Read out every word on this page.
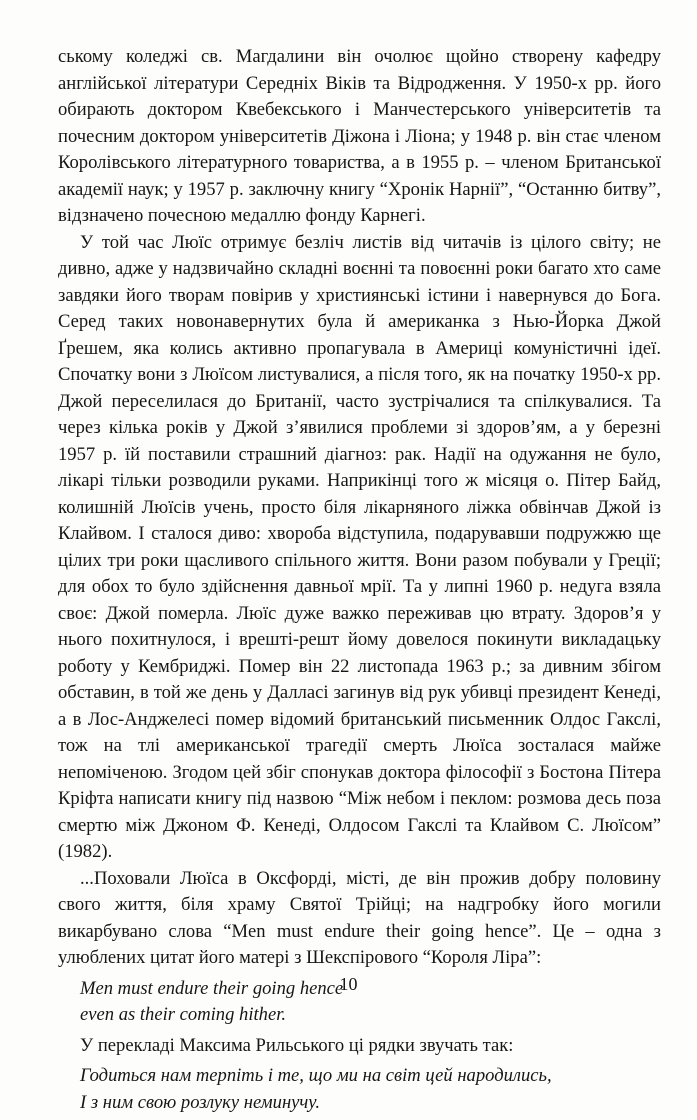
ському коледжі св. Магдалини він очолює щойно створену кафедру англійської літератури Середніх Віків та Відродження. У 1950-х рр. його обирають доктором Квебекського і Манчестерського університетів та почесним доктором університетів Діжона і Ліона; у 1948 р. він стає членом Королівського літературного товариства, а в 1955 р. – членом Британської академії наук; у 1957 р. заключну книгу “Хронік Нарнії”, “Останню битву”, відзначено почесною медаллю фонду Карнегі.

У той час Люїс отримує безліч листів від читачів із цілого світу; не дивно, адже у надзвичайно складні воєнні та повоєнні роки багато хто саме завдяки його творам повірив у християнські істини і навернувся до Бога. Серед таких новонавернутих була й американка з Нью-Йорка Джой Ґрешем, яка колись активно пропагувала в Америці комуністичні ідеї. Спочатку вони з Люїсом листувалися, а після того, як на початку 1950-х рр. Джой переселилася до Британії, часто зустрічалися та спілкувалися. Та через кілька років у Джой з’явилися проблеми зі здоров’ям, а у березні 1957 р. їй поставили страшний діагноз: рак. Надії на одужання не було, лікарі тільки розводили руками. Наприкінці того ж місяця о. Пітер Байд, колишній Люїсів учень, просто біля лікарняного ліжка обвінчав Джой із Клайвом. І сталося диво: хвороба відступила, подарувавши подружжю ще цілих три роки щасливого спільного життя. Вони разом побували у Греції; для обох то було здійснення давньої мрії. Та у липні 1960 р. недуга взяла своє: Джой померла. Люїс дуже важко переживав цю втрату. Здоров’я у нього похитнулося, і врешті-решт йому довелося покинути викладацьку роботу у Кембриджі. Помер він 22 листопада 1963 р.; за дивним збігом обставин, в той же день у Далласі загинув від рук убивці президент Кенеді, а в Лос-Анджелесі помер відомий британський письменник Олдос Гакслі, тож на тлі американської трагедії смерть Люїса зосталася майже непоміченою. Згодом цей збіг спонукав доктора філософії з Бостона Пітера Кріфта написати книгу під назвою “Між небом і пеклом: розмова десь поза смертю між Джоном Ф. Кенеді, Олдосом Гакслі та Клайвом С. Люїсом” (1982).

...Поховали Люїса в Оксфорді, місті, де він прожив добру половину свого життя, біля храму Святої Трійці; на надгробку його могили викарбувано слова “Men must endure their going hence”. Це – одна з улюблених цитат його матері з Шекспірового “Короля Ліра”:

Men must endure their going hence
even as their coming hither.

У перекладі Максима Рильського ці рядки звучать так:

Годиться нам терпіть і те, що ми на світ цей народились,
І з ним свою розлуку неминучу.
10
